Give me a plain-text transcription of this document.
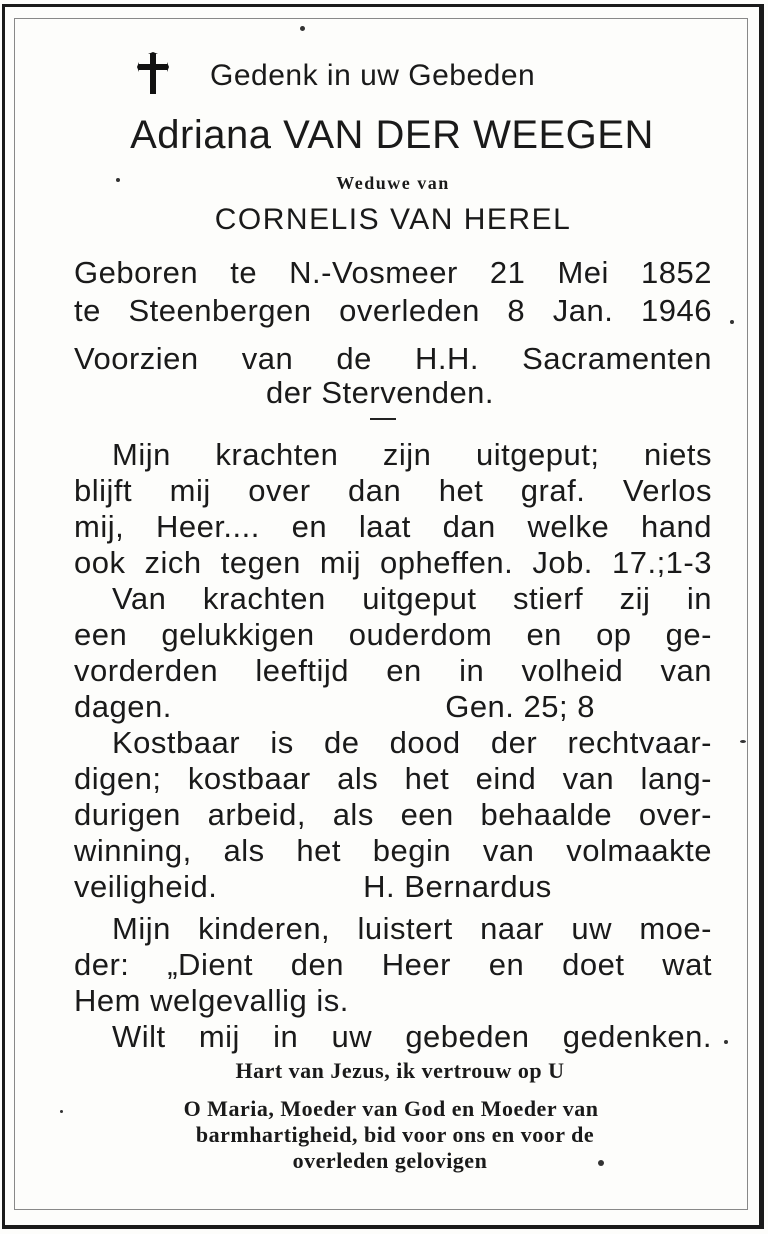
Gedenk in uw Gebeden
Adriana VAN DER WEEGEN
Weduwe van
CORNELIS VAN HEREL
Geboren te N.-Vosmeer 21 Mei 1852
te Steenbergen overleden 8 Jan. 1946
Voorzien van de H.H. Sacramenten
der Stervenden.
Mijn krachten zijn uitgeput; niets
blijft mij over dan het graf. Verlos
mij, Heer.... en laat dan welke hand
ook zich tegen mij opheffen. Job. 17.;1-3
Van krachten uitgeput stierf zij in
een gelukkigen ouderdom en op ge-
vorderden leeftijd en in volheid van
dagen.                              Gen. 25; 8
Kostbaar is de dood der rechtvaar-
digen; kostbaar als het eind van lang-
durigen arbeid, als een behaalde over-
winning, als het begin van volmaakte
veiligheid.                H. Bernardus
Mijn kinderen, luistert naar uw moe-
der: „Dient den Heer en doet wat
Hem welgevallig is.
Wilt mij in uw gebeden gedenken.
Hart van Jezus, ik vertrouw op U
O Maria, Moeder van God en Moeder van
barmhartigheid, bid voor ons en voor de
overleden gelovigen
